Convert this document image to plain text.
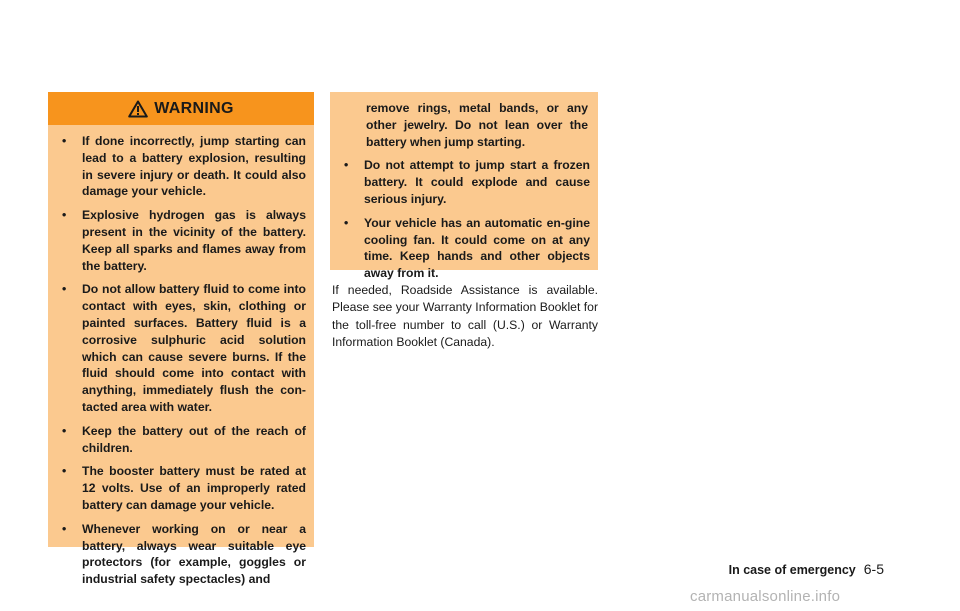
WARNING
• If done incorrectly, jump starting can lead to a battery explosion, resulting in severe injury or death. It could also damage your vehicle.
• Explosive hydrogen gas is always present in the vicinity of the battery. Keep all sparks and flames away from the battery.
• Do not allow battery fluid to come into contact with eyes, skin, clothing or painted surfaces. Battery fluid is a corrosive sulphuric acid solution which can cause severe burns. If the fluid should come into contact with anything, immediately flush the con-tacted area with water.
• Keep the battery out of the reach of children.
• The booster battery must be rated at 12 volts. Use of an improperly rated battery can damage your vehicle.
• Whenever working on or near a battery, always wear suitable eye protectors (for example, goggles or industrial safety spectacles) and

remove rings, metal bands, or any other jewelry. Do not lean over the battery when jump starting.

• Do not attempt to jump start a frozen battery. It could explode and cause serious injury.
• Your vehicle has an automatic en-gine cooling fan. It could come on at any time. Keep hands and other objects away from it.

If needed, Roadside Assistance is available. Please see your Warranty Information Booklet for the toll-free number to call (U.S.) or Warranty Information Booklet (Canada).

In case of emergency 6-5
carmanualsonline.info
